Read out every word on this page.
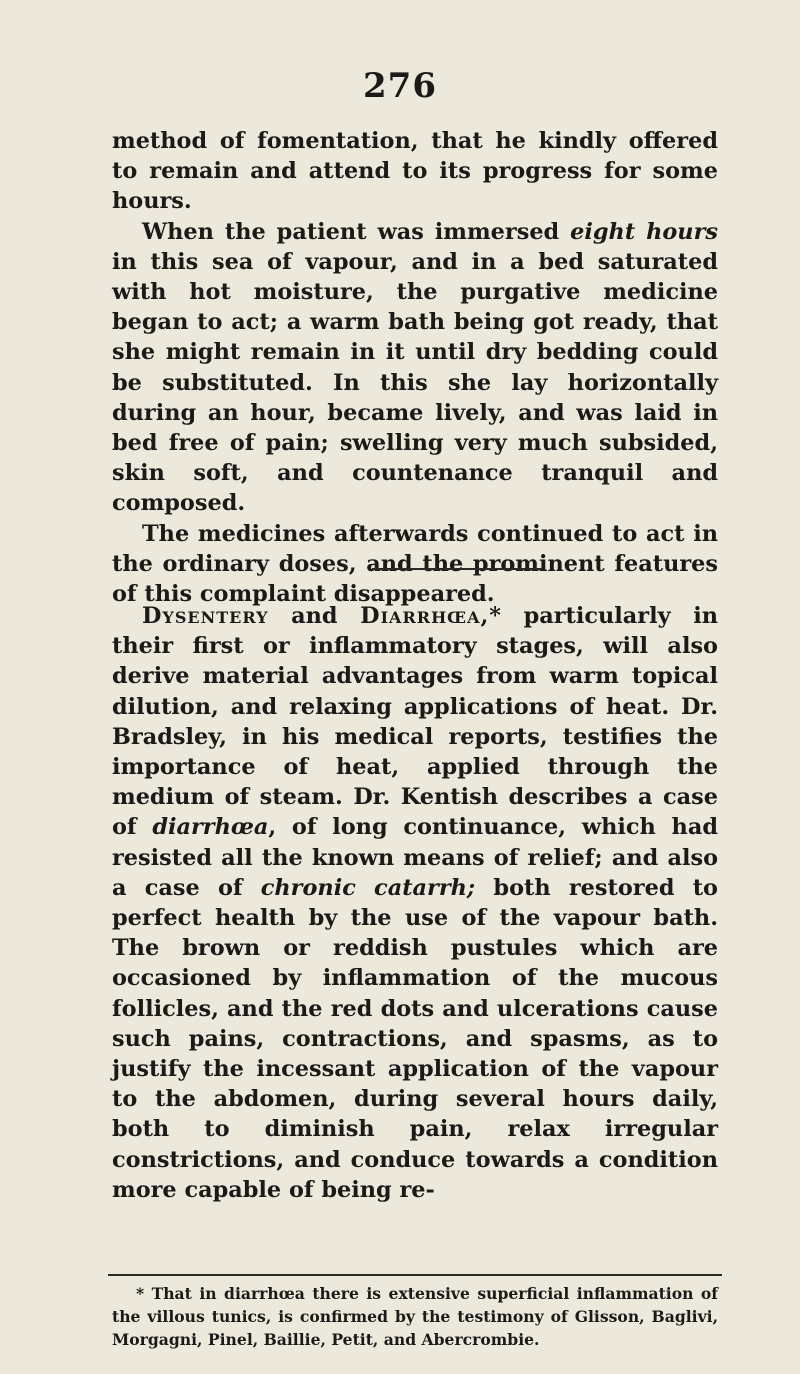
276

method of fomentation, that he kindly offered to remain and attend to its progress for some hours.

When the patient was immersed eight hours in this sea of vapour, and in a bed saturated with hot moisture, the purgative medicine began to act; a warm bath being got ready, that she might remain in it until dry bedding could be substituted. In this she lay horizontally during an hour, became lively, and was laid in bed free of pain; swelling very much subsided, skin soft, and countenance tranquil and composed.

The medicines afterwards continued to act in the ordinary doses, and the prominent features of this complaint disappeared.

Dysentery and Diarrhœa,* particularly in their first or inflammatory stages, will also derive material advantages from warm topical dilution, and relaxing applications of heat. Dr. Bradsley, in his medical reports, testifies the importance of heat, applied through the medium of steam. Dr. Kentish describes a case of diarrhœa, of long continuance, which had resisted all the known means of relief; and also a case of chronic catarrh; both restored to perfect health by the use of the vapour bath. The brown or reddish pustules which are occasioned by inflammation of the mucous follicles, and the red dots and ulcerations cause such pains, contractions, and spasms, as to justify the incessant application of the vapour to the abdomen, during several hours daily, both to diminish pain, relax irregular constrictions, and conduce towards a condition more capable of being re-

* That in diarrhœa there is extensive superficial inflammation of the villous tunics, is confirmed by the testimony of Glisson, Baglivi, Morgagni, Pinel, Baillie, Petit, and Abercrombie.
